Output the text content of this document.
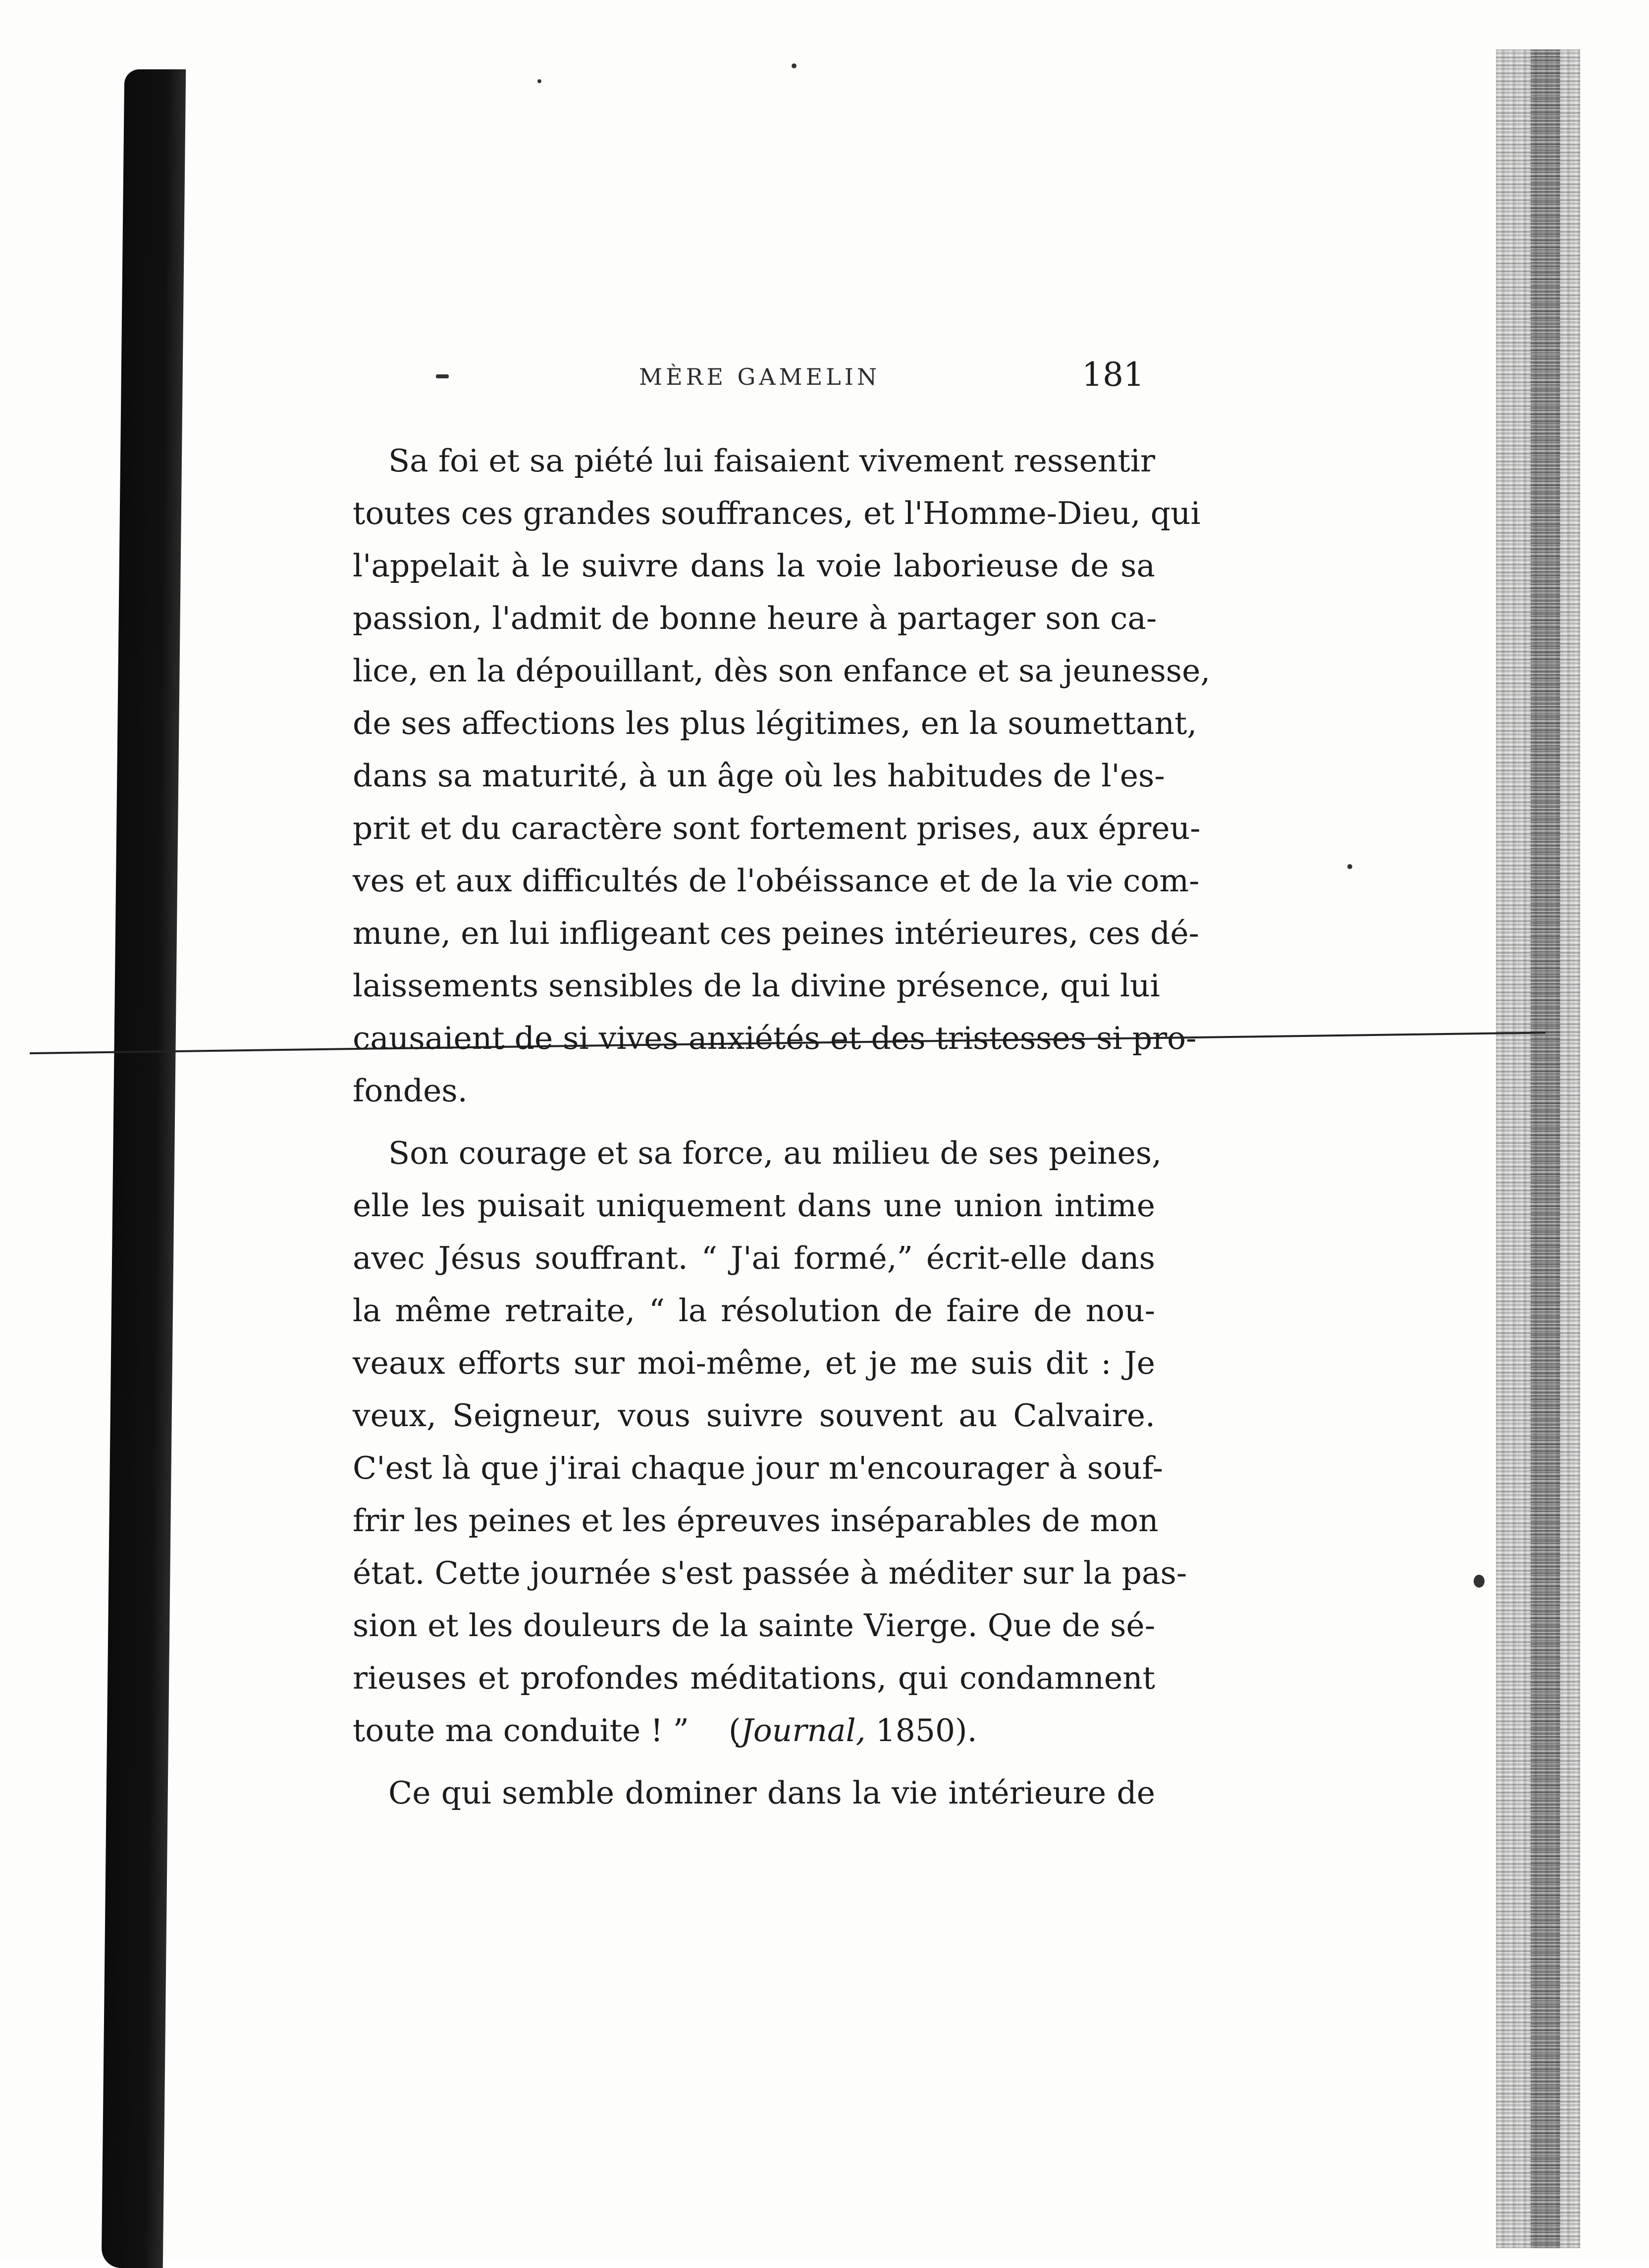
MÈRE GAMELIN	181
Sa foi et sa piété lui faisaient vivement ressentir
toutes ces grandes souffrances, et l'Homme-Dieu, qui
l'appelait à le suivre dans la voie laborieuse de sa
passion, l'admit de bonne heure à partager son ca-
lice, en la dépouillant, dès son enfance et sa jeunesse,
de ses affections les plus légitimes, en la soumettant,
dans sa maturité, à un âge où les habitudes de l'es-
prit et du caractère sont fortement prises, aux épreu-
ves et aux difficultés de l'obéissance et de la vie com-
mune, en lui infligeant ces peines intérieures, ces dé-
laissements sensibles de la divine présence, qui lui
causaient de si vives anxiétés et des tristesses si pro-
fondes.
Son courage et sa force, au milieu de ses peines,
elle les puisait uniquement dans une union intime
avec Jésus souffrant. “ J'ai formé,” écrit-elle dans
la même retraite, “ la résolution de faire de nou-
veaux efforts sur moi-même, et je me suis dit : Je
veux, Seigneur, vous suivre souvent au Calvaire.
C'est là que j'irai chaque jour m'encourager à souf-
frir les peines et les épreuves inséparables de mon
état. Cette journée s'est passée à méditer sur la pas-
sion et les douleurs de la sainte Vierge. Que de sé-
rieuses et profondes méditations, qui condamnent
toute ma conduite ! ”    (Journal, 1850).
Ce qui semble dominer dans la vie intérieure de
